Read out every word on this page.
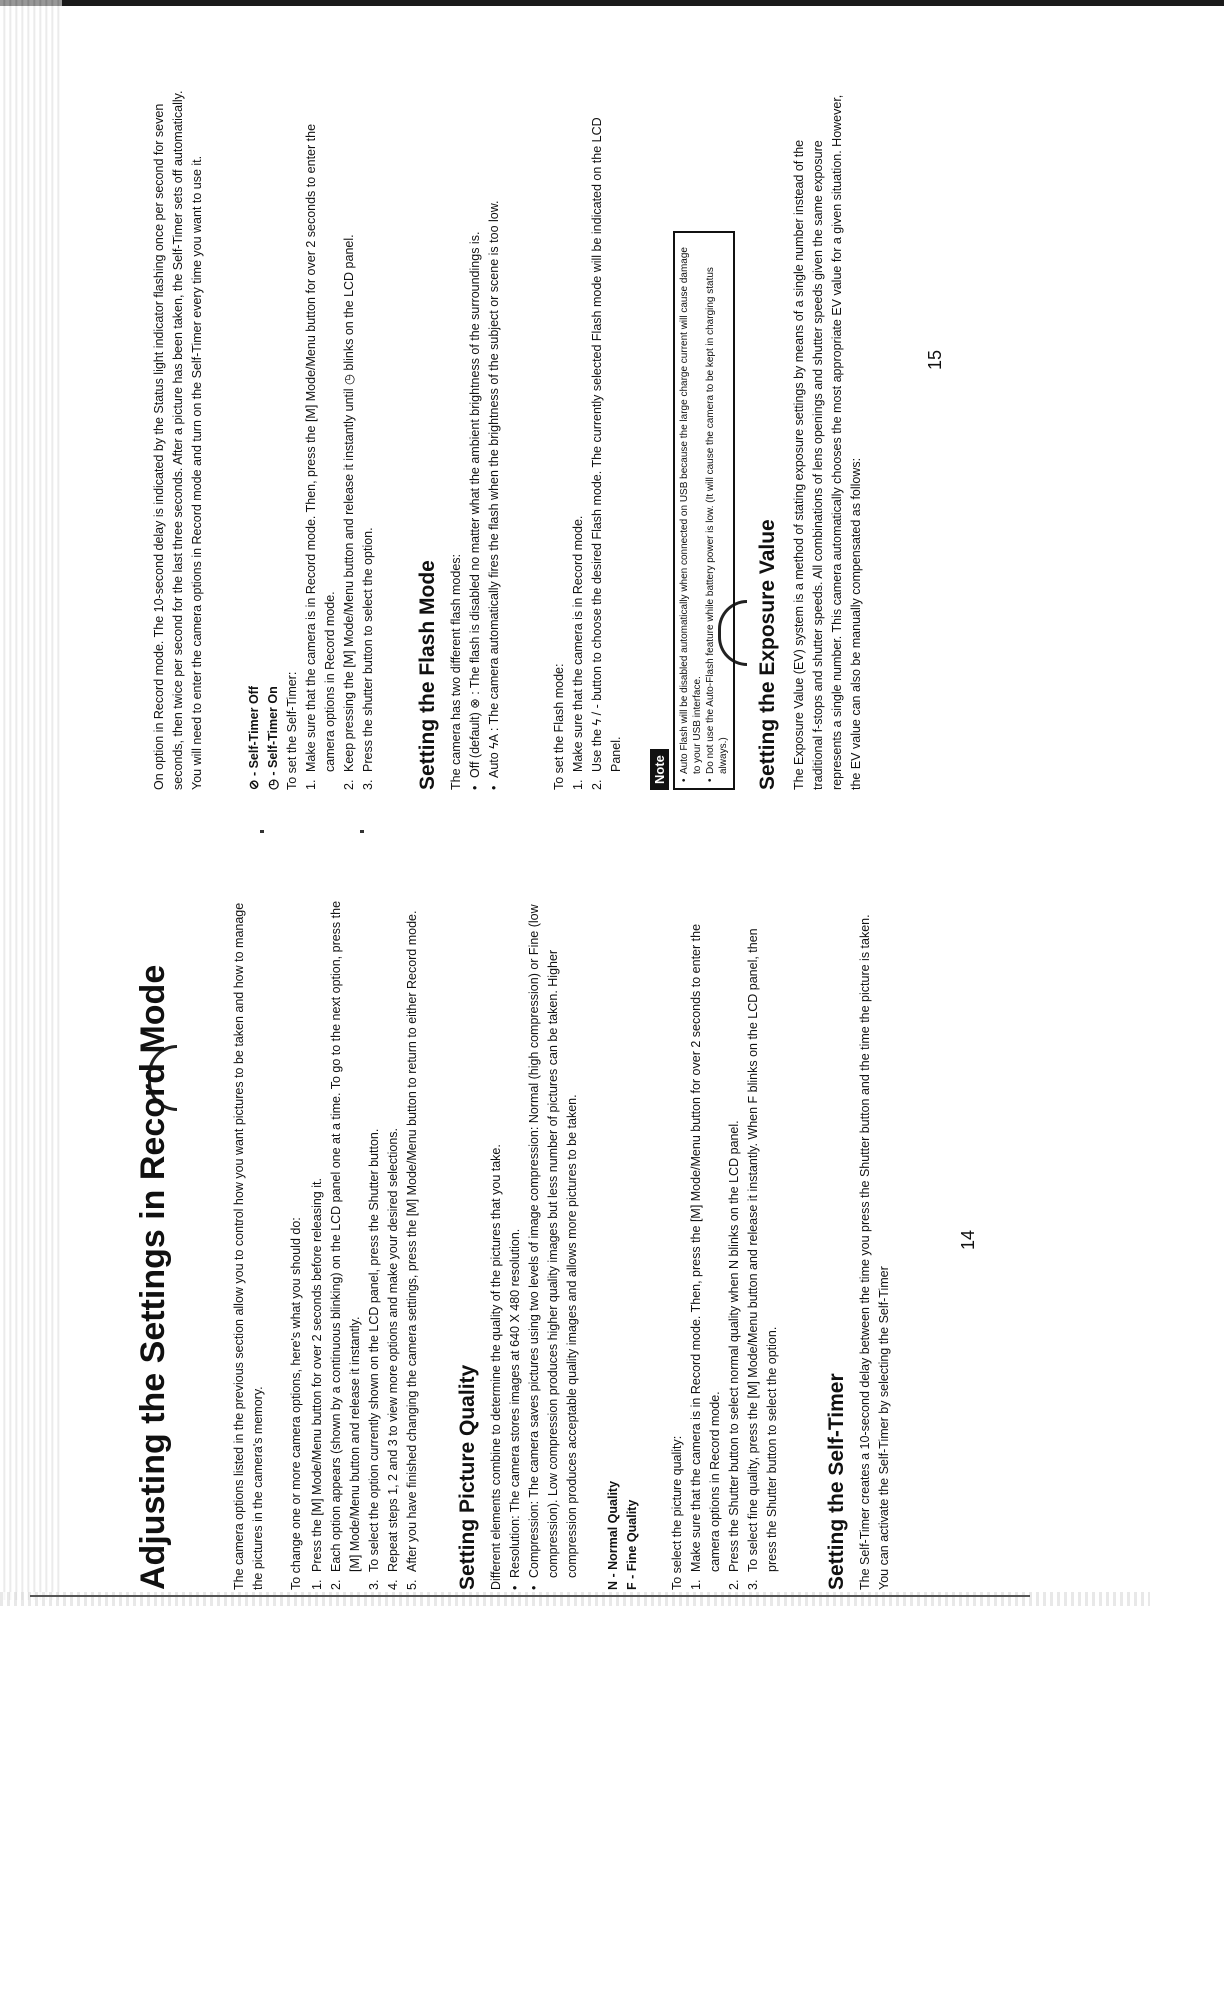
Adjusting the Settings in Record Mode	The camera options listed in the previous section allow you to control how you want pictures to be taken and how to manage the pictures in the camera's memory. To change one or more camera options, here's what you should do: 1.
Press the [M] Mode/Menu button for over 2 seconds before releasing it.
2.
Each option appears (shown by a continuous blinking) on the LCD panel one at a time. To go to the next option, press the [M] Mode/Menu button and release it instantly.
3.
To select the option currently shown on the LCD panel, press the Shutter button.
4.
Repeat steps 1, 2 and 3 to view more options and make your desired selections.
5.
After you have finished changing the camera settings, press the [M] Mode/Menu button to return to either Record mode. Setting Picture Quality Different elements combine to determine the quality of the pictures that you take. •
Resolution: The camera stores images at 640 X 480 resolution.
•
Compression: The camera saves pictures using two levels of image compression: Normal (high compression) or Fine (low compression). Low compression produces higher quality images but less number of pictures can be taken. Higher compression produces acceptable quality images and allows more pictures to be taken. N - Normal Quality F - Fine Quality To select the picture quality: 1.
Make sure that the camera is in Record mode. Then, press the [M] Mode/Menu button for over 2 seconds to enter the camera options in Record mode.
2.
Press the Shutter button to select normal quality when N blinks on the LCD panel.
3.
To select fine quality, press the [M] Mode/Menu button and release it instantly. When F blinks on the LCD panel, then press the Shutter button to select the option. Setting the Self-Timer The Self-Timer creates a 10-second delay between the time you press the Shutter button and the time the picture is taken. You can activate the Self-Timer by selecting the Self-Timer

14

On option in Record mode. The 10-second delay is indicated by the Status light indicator flashing once per second for seven seconds, then twice per second for the last three seconds. After a picture has been taken, the Self-Timer sets off automatically. You will need to enter the camera options in Record mode and turn on the Self-Timer every time you want to use it.	⊘ - Self-Timer Off ◷ - Self-Timer On To set the Self-Timer: 1.
Make sure that the camera is in Record mode. Then, press the [M] Mode/Menu button for over 2 seconds to enter the camera options in Record mode.
2.
Keep pressing the [M] Mode/Menu button and release it instantly until ◷ blinks on the LCD panel.
3.
Press the shutter button to select the option. Setting the Flash Mode The camera has two different flash modes: •
Off (default) ⊗ : The flash is disabled no matter what the ambient brightness of the surroundings is.
•
Auto ϟA : The camera automatically fires the flash when the brightness of the subject or scene is too low.	To set the Flash mode: 1.
Make sure that the camera is in Record mode.
2.
Use the ϟ / - button to choose the desired Flash mode. The currently selected Flash mode will be indicated on the LCD Panel. Note •
Auto Flash will be disabled automatically when connected on USB because the large charge current will cause damage to your USB interface.
•
Do not use the Auto-Flash feature while battery power is low. (It will cause the camera to be kept in charging status always.) Setting the Exposure Value The Exposure Value (EV) system is a method of stating exposure settings by means of a single number instead of the traditional f-stops and shutter speeds. All combinations of lens openings and shutter speeds given the same exposure represents a single number. This camera automatically chooses the most appropriate EV value for a given situation. However, the EV value can also be manually compensated as follows:

15
